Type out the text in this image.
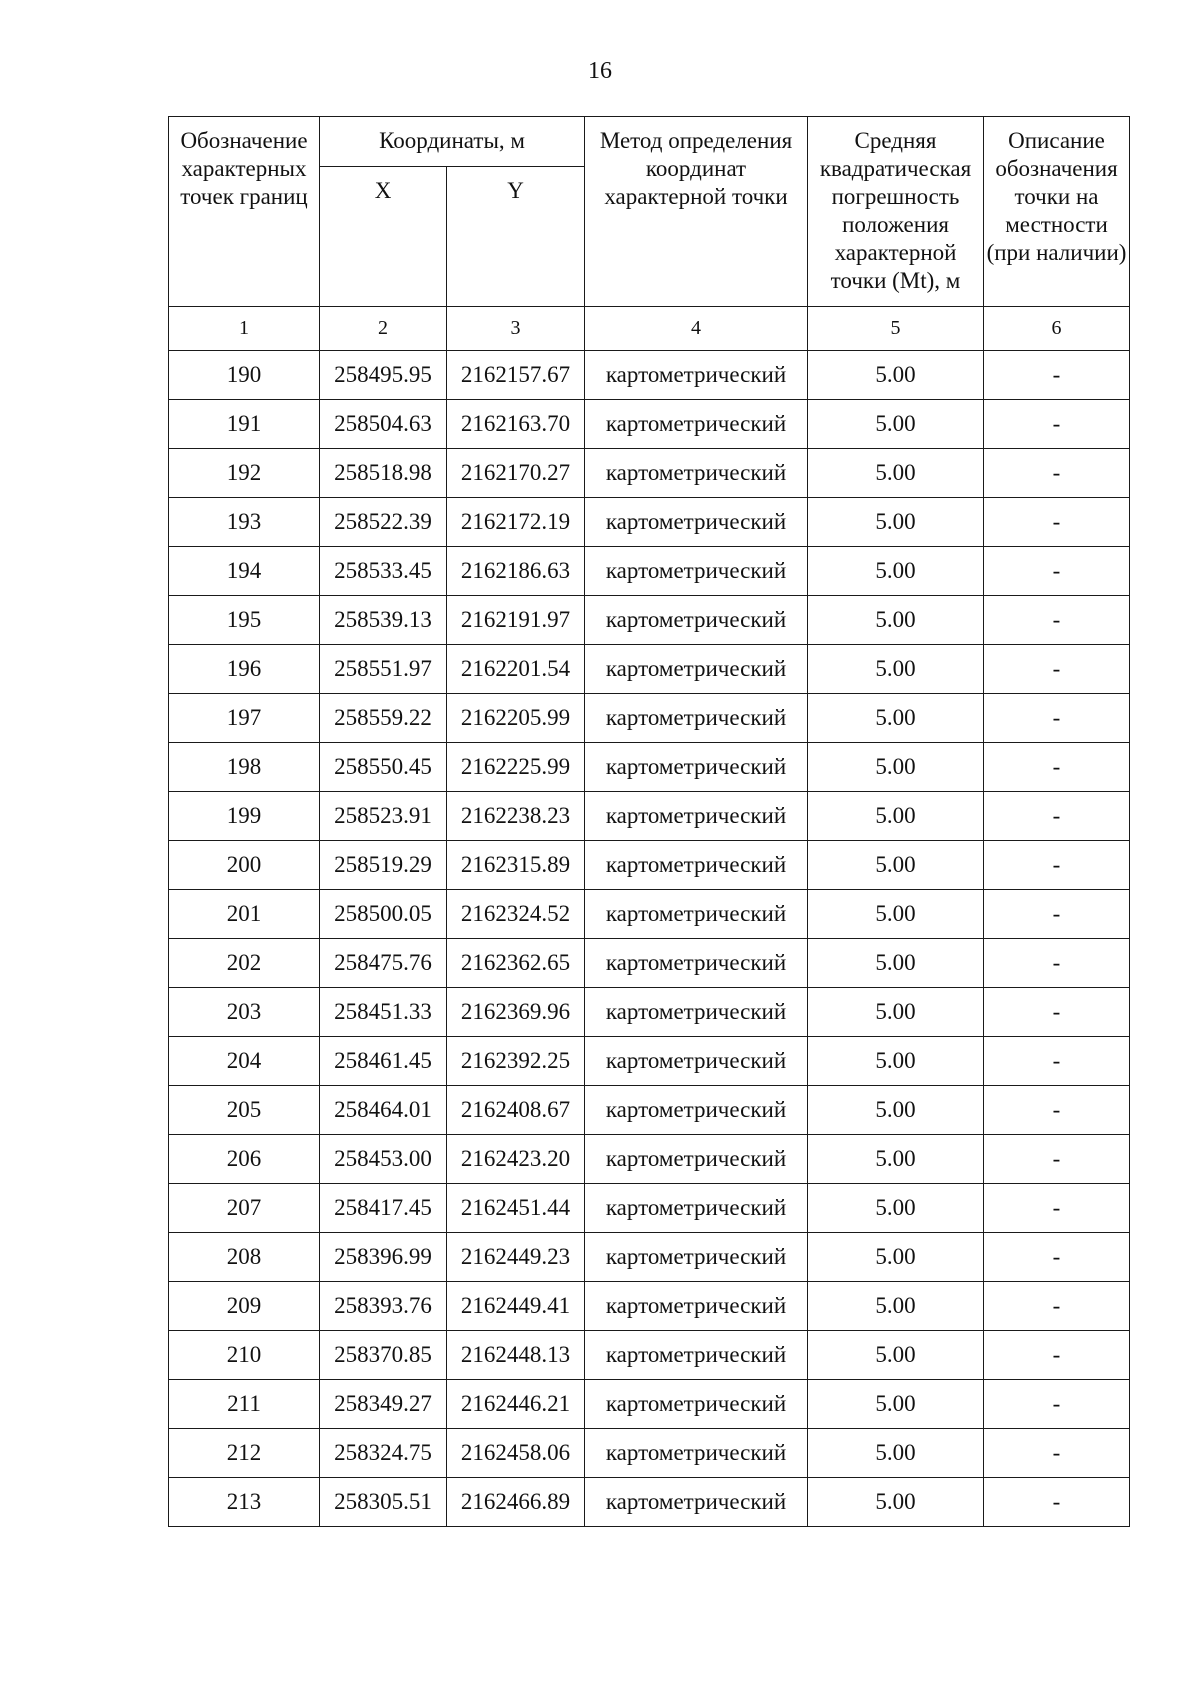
16
Обозначение характерных точек границ	Координаты, м		Метод определения координат характерной точки	Средняя квадратическая погрешность положения характерной точки (Mt), м	Описание обозначения точки на местности (при наличии)
	X	Y			
1	2	3	4	5	6
190	258495.95	2162157.67	картометрический	5.00	-
191	258504.63	2162163.70	картометрический	5.00	-
192	258518.98	2162170.27	картометрический	5.00	-
193	258522.39	2162172.19	картометрический	5.00	-
194	258533.45	2162186.63	картометрический	5.00	-
195	258539.13	2162191.97	картометрический	5.00	-
196	258551.97	2162201.54	картометрический	5.00	-
197	258559.22	2162205.99	картометрический	5.00	-
198	258550.45	2162225.99	картометрический	5.00	-
199	258523.91	2162238.23	картометрический	5.00	-
200	258519.29	2162315.89	картометрический	5.00	-
201	258500.05	2162324.52	картометрический	5.00	-
202	258475.76	2162362.65	картометрический	5.00	-
203	258451.33	2162369.96	картометрический	5.00	-
204	258461.45	2162392.25	картометрический	5.00	-
205	258464.01	2162408.67	картометрический	5.00	-
206	258453.00	2162423.20	картометрический	5.00	-
207	258417.45	2162451.44	картометрический	5.00	-
208	258396.99	2162449.23	картометрический	5.00	-
209	258393.76	2162449.41	картометрический	5.00	-
210	258370.85	2162448.13	картометрический	5.00	-
211	258349.27	2162446.21	картометрический	5.00	-
212	258324.75	2162458.06	картометрический	5.00	-
213	258305.51	2162466.89	картометрический	5.00	-
